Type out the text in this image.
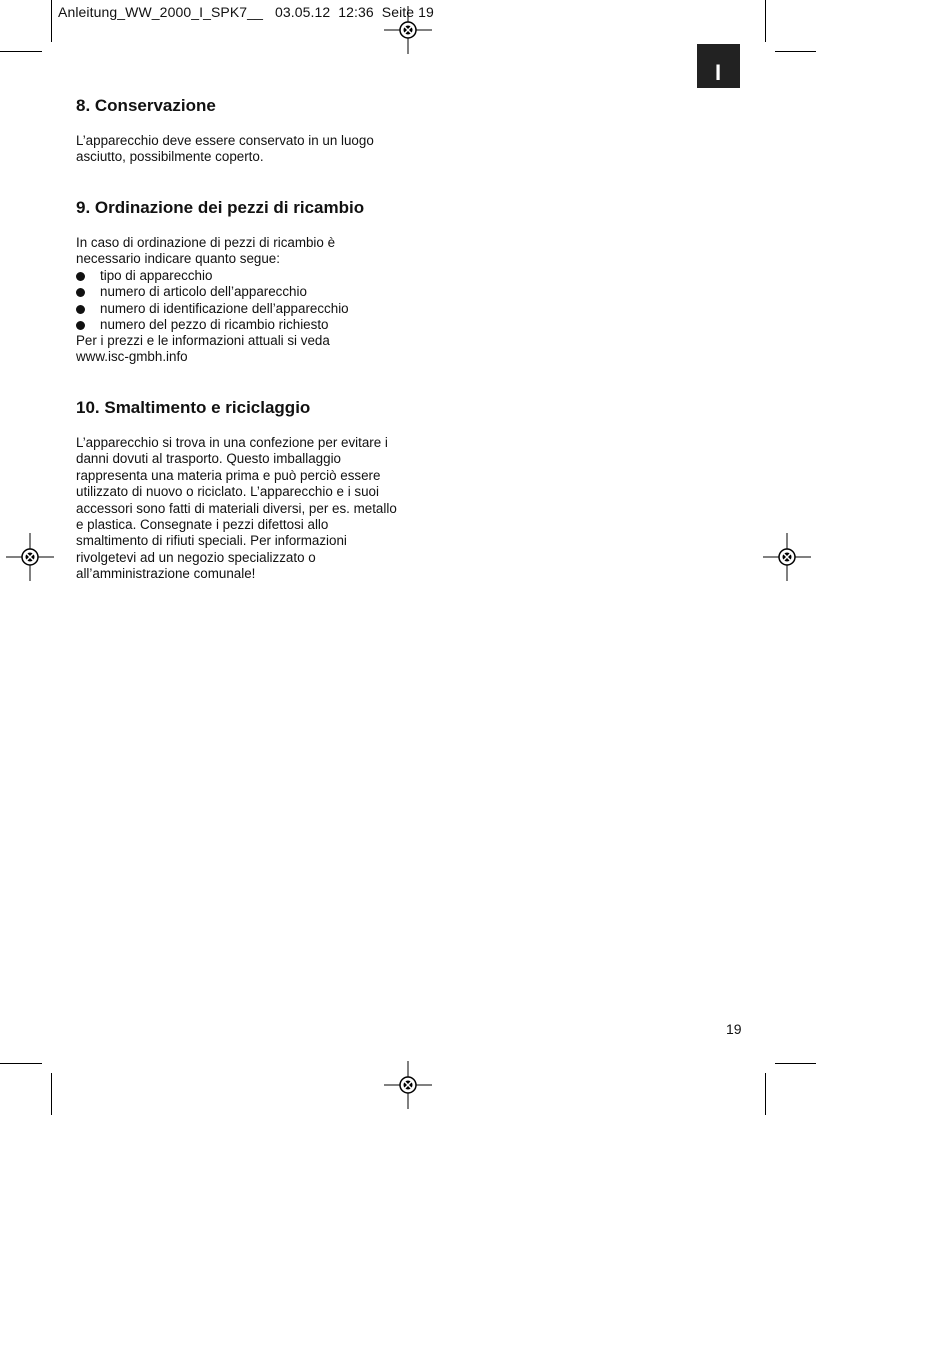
Anleitung_WW_2000_I_SPK7__ 03.05.12 12:36 Seite 19
I
8. Conservazione

L’apparecchio deve essere conservato in un luogo
asciutto, possibilmente coperto.

9. Ordinazione dei pezzi di ricambio

In caso di ordinazione di pezzi di ricambio è
necessario indicare quanto segue:

tipo di apparecchio
numero di articolo dell’apparecchio
numero di identificazione dell’apparecchio
numero del pezzo di ricambio richiesto

Per i prezzi e le informazioni attuali si veda
www.isc-gmbh.info

10. Smaltimento e riciclaggio

L’apparecchio si trova in una confezione per evitare i
danni dovuti al trasporto. Questo imballaggio
rappresenta una materia prima e può perciò essere
utilizzato di nuovo o riciclato. L’apparecchio e i suoi
accessori sono fatti di materiali diversi, per es. metallo
e plastica. Consegnate i pezzi difettosi allo
smaltimento di rifiuti speciali. Per informazioni
rivolgetevi ad un negozio specializzato o
all’amministrazione comunale!

19
